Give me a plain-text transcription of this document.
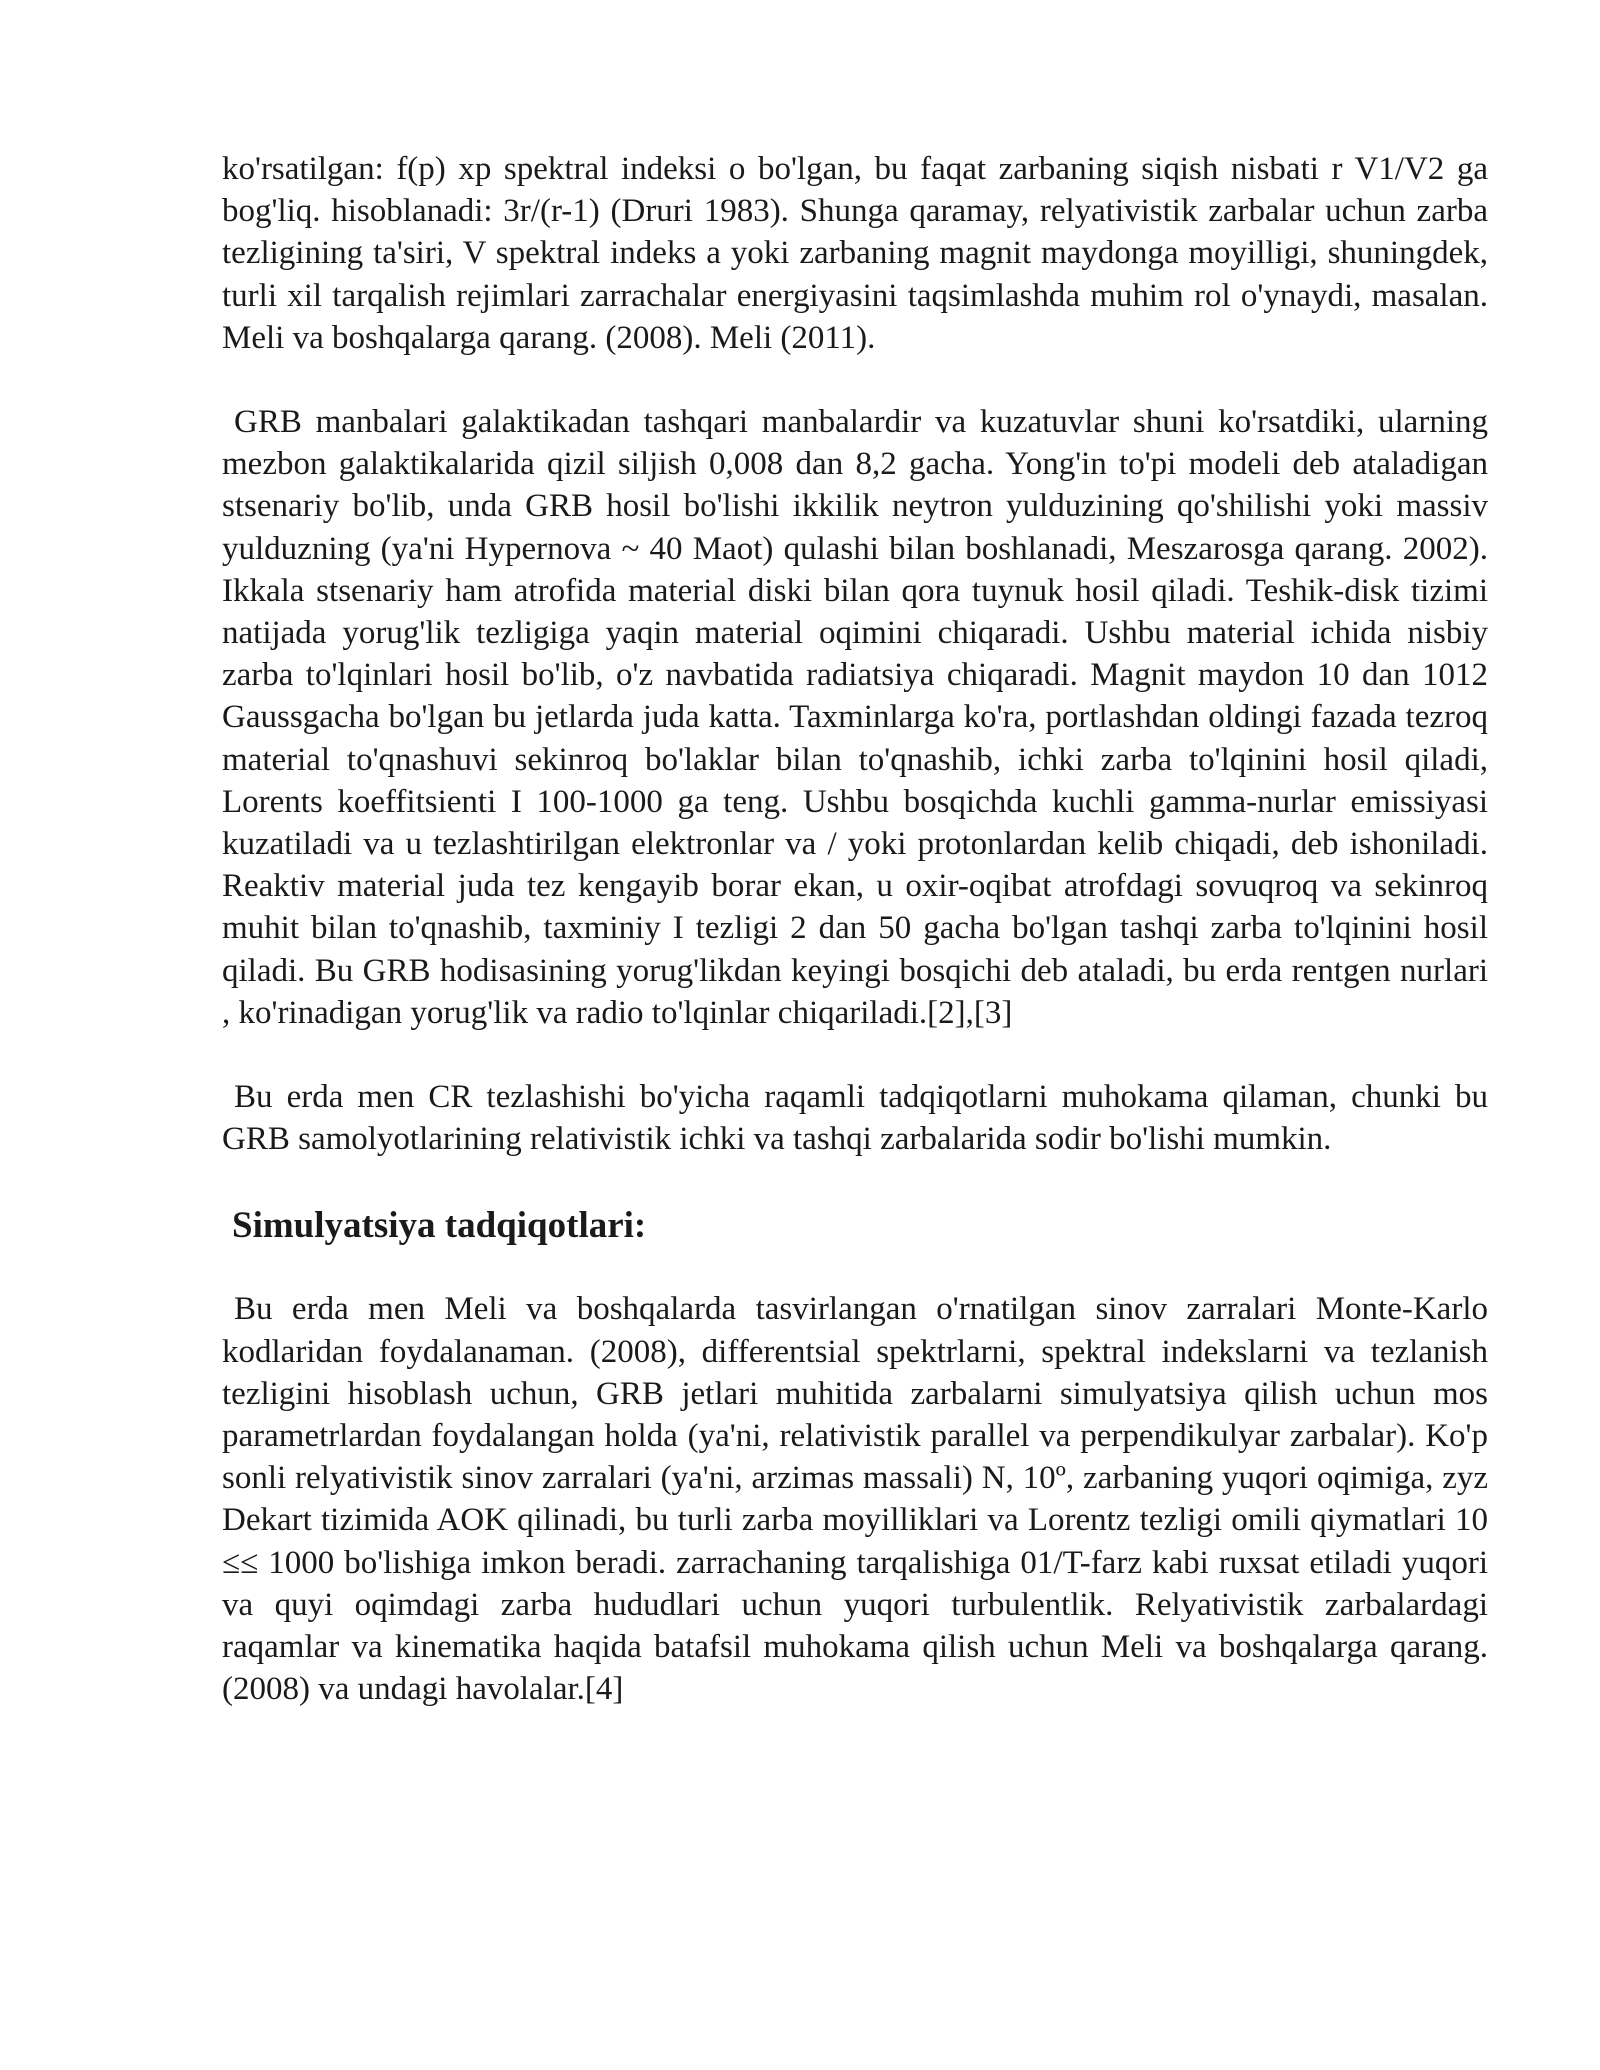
ko'rsatilgan: f(p) xp spektral indeksi o bo'lgan, bu faqat zarbaning siqish nisbati r V1/V2 ga bog'liq. hisoblanadi: 3r/(r-1) (Druri 1983). Shunga qaramay, relyativistik zarbalar uchun zarba tezligining ta'siri, V spektral indeks a yoki zarbaning magnit maydonga moyilligi, shuningdek, turli xil tarqalish rejimlari zarrachalar energiyasini taqsimlashda muhim rol o'ynaydi, masalan. Meli va boshqalarga qarang. (2008). Meli (2011).

GRB manbalari galaktikadan tashqari manbalardir va kuzatuvlar shuni ko'rsatdiki, ularning mezbon galaktikalarida qizil siljish 0,008 dan 8,2 gacha. Yong'in to'pi modeli deb ataladigan stsenariy bo'lib, unda GRB hosil bo'lishi ikkilik neytron yulduzining qo'shilishi yoki massiv yulduzning (ya'ni Hypernova ~ 40 Maot) qulashi bilan boshlanadi, Meszarosga qarang. 2002). Ikkala stsenariy ham atrofida material diski bilan qora tuynuk hosil qiladi. Teshik-disk tizimi natijada yorug'lik tezligiga yaqin material oqimini chiqaradi. Ushbu material ichida nisbiy zarba to'lqinlari hosil bo'lib, o'z navbatida radiatsiya chiqaradi. Magnit maydon 10 dan 1012 Gaussgacha bo'lgan bu jetlarda juda katta. Taxminlarga ko'ra, portlashdan oldingi fazada tezroq material to'qnashuvi sekinroq bo'laklar bilan to'qnashib, ichki zarba to'lqinini hosil qiladi, Lorents koeffitsienti I 100-1000 ga teng. Ushbu bosqichda kuchli gamma-nurlar emissiyasi kuzatiladi va u tezlashtirilgan elektronlar va / yoki protonlardan kelib chiqadi, deb ishoniladi. Reaktiv material juda tez kengayib borar ekan, u oxir-oqibat atrofdagi sovuqroq va sekinroq muhit bilan to'qnashib, taxminiy I tezligi 2 dan 50 gacha bo'lgan tashqi zarba to'lqinini hosil qiladi. Bu GRB hodisasining yorug'likdan keyingi bosqichi deb ataladi, bu erda rentgen nurlari , ko'rinadigan yorug'lik va radio to'lqinlar chiqariladi.[2],[3]

Bu erda men CR tezlashishi bo'yicha raqamli tadqiqotlarni muhokama qilaman, chunki bu GRB samolyotlarining relativistik ichki va tashqi zarbalarida sodir bo'lishi mumkin.

Simulyatsiya tadqiqotlari:

Bu erda men Meli va boshqalarda tasvirlangan o'rnatilgan sinov zarralari Monte-Karlo kodlaridan foydalanaman. (2008), differentsial spektrlarni, spektral indekslarni va tezlanish tezligini hisoblash uchun, GRB jetlari muhitida zarbalarni simulyatsiya qilish uchun mos parametrlardan foydalangan holda (ya'ni, relativistik parallel va perpendikulyar zarbalar). Ko'p sonli relyativistik sinov zarralari (ya'ni, arzimas massali) N, 10º, zarbaning yuqori oqimiga, zyz Dekart tizimida AOK qilinadi, bu turli zarba moyilliklari va Lorentz tezligi omili qiymatlari 10 ≤≤ 1000 bo'lishiga imkon beradi. zarrachaning tarqalishiga 01/T-farz kabi ruxsat etiladi yuqori va quyi oqimdagi zarba hududlari uchun yuqori turbulentlik. Relyativistik zarbalardagi raqamlar va kinematika haqida batafsil muhokama qilish uchun Meli va boshqalarga qarang. (2008) va undagi havolalar.[4]
